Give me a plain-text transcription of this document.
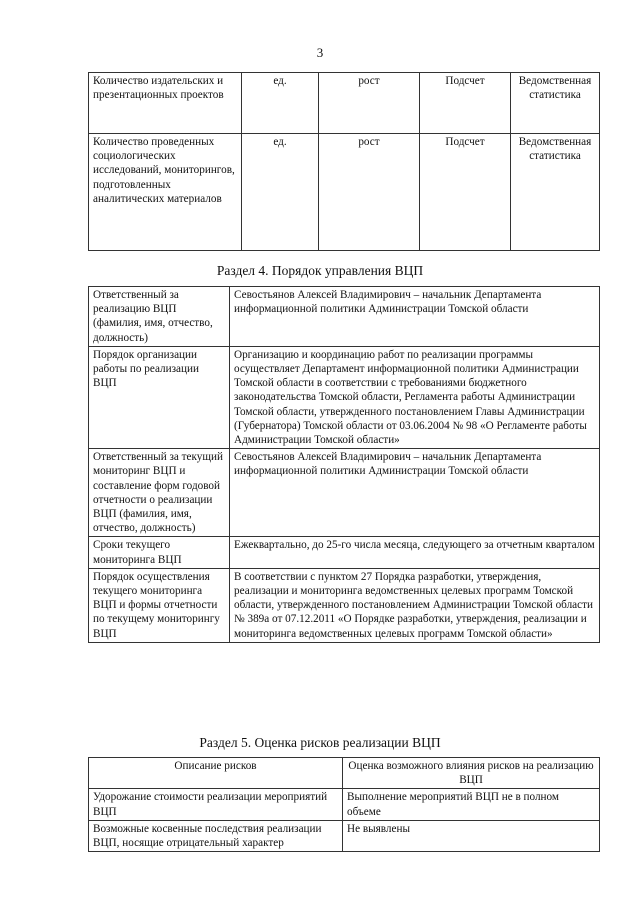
3
Количество издательских и презентационных проектов	ед.	рост	Подсчет	Ведомственная статистика
Количество проведенных социологических исследований, мониторингов, подготовленных аналитических материалов	ед.	рост	Подсчет	Ведомственная статистика
Раздел 4. Порядок управления ВЦП
Ответственный за реализацию ВЦП (фамилия, имя, отчество, должность)	Севостьянов Алексей Владимирович – начальник Департамента информационной политики Администрации Томской области
Порядок организации работы по реализации ВЦП	Организацию и координацию работ по реализации программы осуществляет Департамент информационной политики Администрации Томской области в соответствии с требованиями бюджетного законодательства Томской области, Регламента работы Администрации Томской области, утвержденного постановлением Главы Администрации (Губернатора) Томской области от 03.06.2004 № 98 «О Регламенте работы Администрации Томской области»
Ответственный за текущий мониторинг ВЦП и составление форм годовой отчетности о реализации ВЦП (фамилия, имя, отчество, должность)	Севостьянов Алексей Владимирович – начальник Департамента информационной политики Администрации Томской области
Сроки текущего мониторинга ВЦП	Ежеквартально, до 25-го числа месяца, следующего за отчетным кварталом
Порядок осуществления текущего мониторинга ВЦП и формы отчетности по текущему мониторингу ВЦП	В соответствии с пунктом 27 Порядка разработки, утверждения, реализации и мониторинга ведомственных целевых программ Томской области, утвержденного постановлением Администрации Томской области № 389а от 07.12.2011 «О Порядке разработки, утверждения, реализации и мониторинга ведомственных целевых программ Томской области»
Раздел 5. Оценка рисков реализации ВЦП
Описание рисков	Оценка возможного влияния рисков на реализацию ВЦП
Удорожание стоимости реализации мероприятий ВЦП	Выполнение мероприятий ВЦП не в полном объеме
Возможные косвенные последствия реализации ВЦП, носящие отрицательный характер	Не выявлены
